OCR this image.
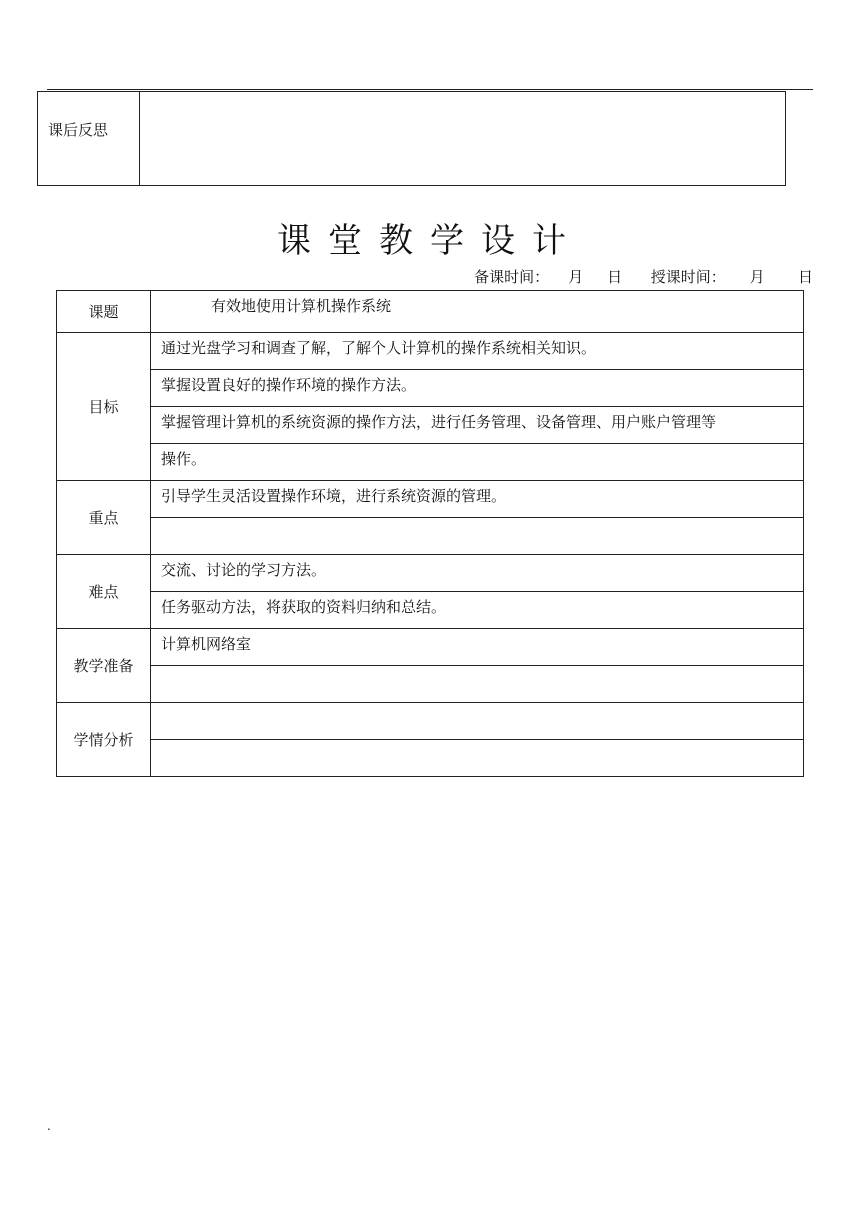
课后反思	
课堂教学设计
备课时间： 月 日 授课时间： 月 日
课题	有效地使用计算机操作系统
目标	通过光盘学习和调查了解，了解个人计算机的操作系统相关知识。
	掌握设置良好的操作环境的操作方法。
	掌握管理计算机的系统资源的操作方法，进行任务管理、设备管理、用户账户管理等
	操作。
重点	引导学生灵活设置操作环境，进行系统资源的管理。

难点	交流、讨论的学习方法。
	任务驱动方法，将获取的资料归纳和总结。
教学准备	计算机网络室

学情分析	

.
